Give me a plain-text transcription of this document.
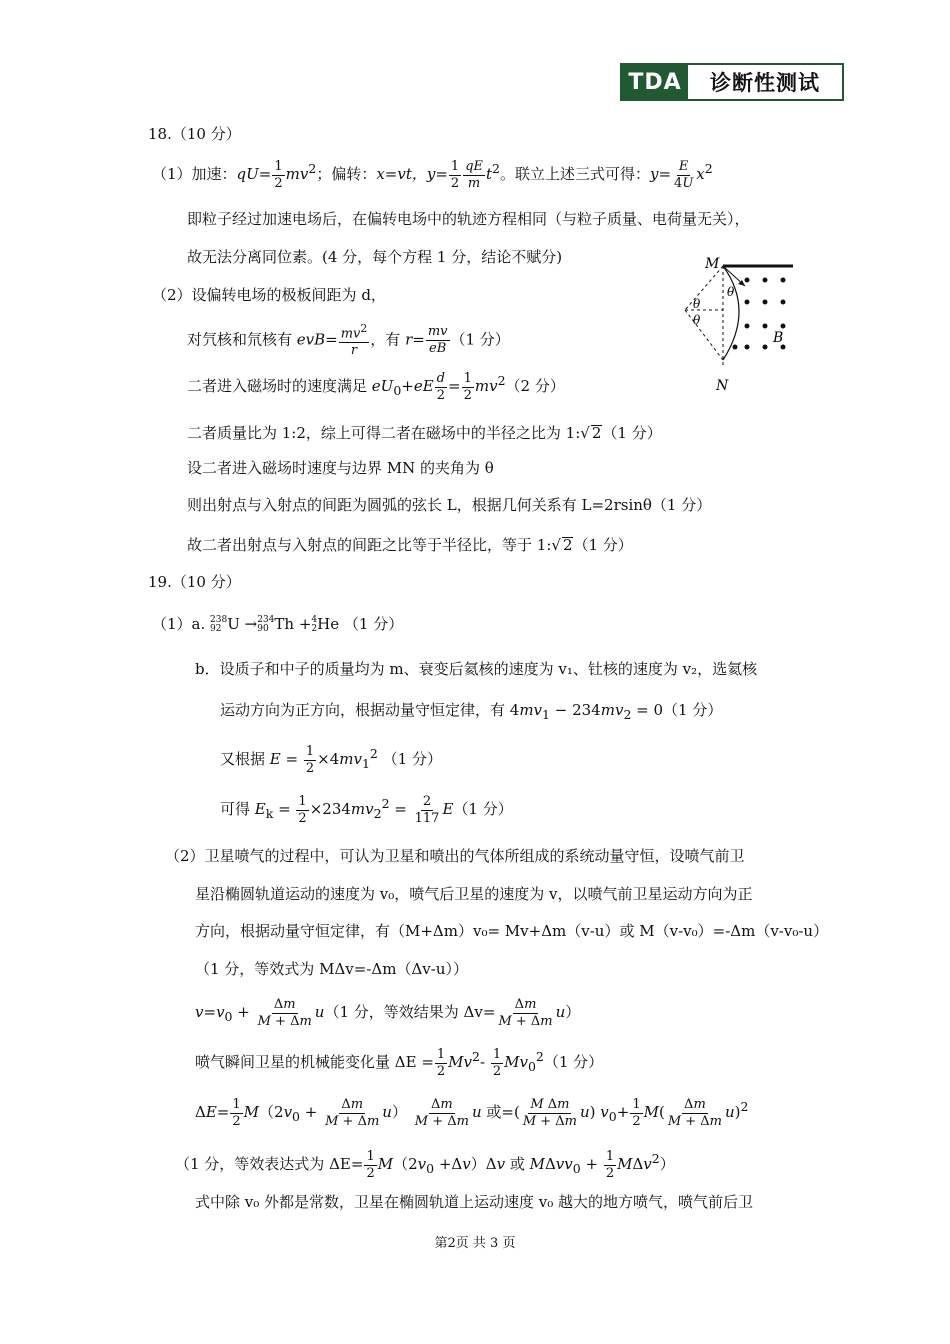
TDA	诊断性测试
18.（10 分）
（1）加速：$qU= \frac{1}{2} mv^2$；偏转：x=vt，$y= \frac{1}{2} \frac{qE}{m} t^2$。联立上述三式可得：$y= \frac{E}{4U} x^2$
即粒子经过加速电场后，在偏转电场中的轨迹方程相同（与粒子质量、电荷量无关），
故无法分离同位素。(4 分，每个方程 1 分，结论不赋分)
（2）设偏转电场的极板间距为 d，
对氕核和氘核有 $evB= \frac{mv^2}{r}$ ，有 $r= \frac{mv}{eB} (1$ 分）
二者进入磁场时的速度满足 $eU_0+eE \frac{d}{2} = \frac{1}{2} mv^2(2$ 分）
二者质量比为 1:2，综上可得二者在磁场中的半径之比为 1:√ 2（1 分）
设二者进入磁场时速度与边界 MN 的夹角为 θ
则出射点与入射点的间距为圆弧的弦长 L，根据几何关系有 L=2rsinθ（1 分）
故二者出射点与入射点的间距之比等于半径比，等于 1:√ 2（1 分）
M
N
B
θ
θ
θ
19.（10 分）
（1）a. 238
92 U → 234
90 Th + 4
2 He （1 分）
b．设质子和中子的质量均为 m、衰变后氦核的速度为 v₁、钍核的速度为 v₂，选氦核
运动方向为正方向，根据动量守恒定律，有 $4mv_1 - 234mv_2 = 0(1$ 分）
又根据 $E = \frac{1}{2} \times 4mv_1^2$ （1 分）
可得 $E_k = \frac{1}{2} \times 234mv_2^2 = \frac{2}{117} E(1$ 分）
（2）卫星喷气的过程中，可认为卫星和喷出的气体所组成的系统动量守恒，设喷气前卫
星沿椭圆轨道运动的速度为 v₀，喷气后卫星的速度为 v，以喷气前卫星运动方向为正
方向，根据动量守恒定律，有（M+Δm）v₀= Mv+Δm（v-u）或 M（v-v₀）=-Δm（v-v₀-u）
（1 分，等效式为 MΔv=-Δm（Δv-u））
$v=v_0 + \frac{\Delta m}{M + \Delta m} u(1$ 分，等效结果为 $\Delta v= \frac{\Delta m}{M + \Delta m} u$）
喷气瞬间卫星的机械能变化量 $\Delta E = \frac{1}{2} Mv^2- \frac{1}{2} Mv_0^2(1$ 分）
$\Delta E= \frac{1}{2} M(2v_0 + \frac{\Delta m}{M + \Delta m} u) \frac{\Delta m}{M + \Delta m}$ u 或=( $\frac{\text{M Δm}}{M + \Delta m} u$) $v_0+ \frac{1}{2} M( \frac{\Delta m}{M + \Delta m} u)^2$
（1 分，等效表达式为 $\Delta E= \frac{1}{2} M(2v_0 +\Delta v)\Delta v$ 或 $M\Delta vv_0 + \frac{1}{2} M\Delta v^2$）
式中除 v₀ 外都是常数，卫星在椭圆轨道上运动速度 v₀ 越大的地方喷气，喷气前后卫
第2页 共 3 页
